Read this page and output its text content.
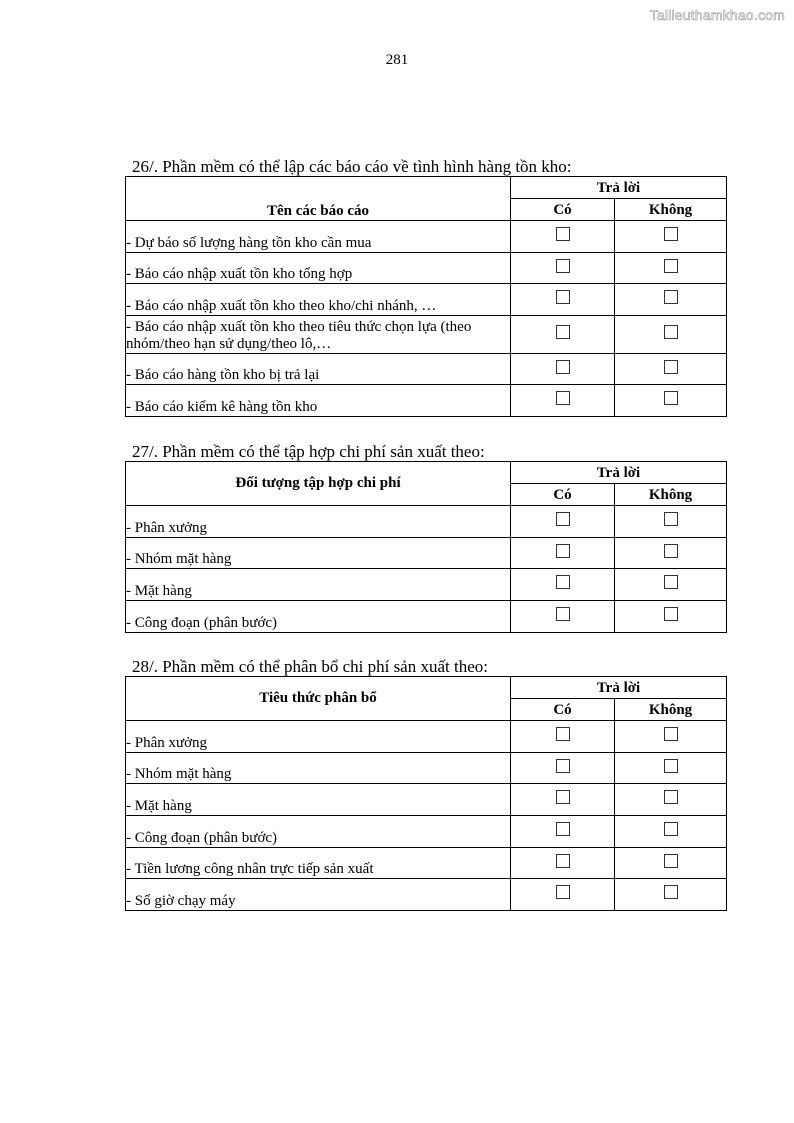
Tailieuthamkhao.com
281
26/. Phần mềm có thể lập các báo cáo về tình hình hàng tồn kho:
Tên các báo cáo	Trả lời	
	Có	Không
- Dự báo số lượng hàng tồn kho cần mua		
- Báo cáo nhập xuất tồn kho tổng hợp		
- Báo cáo nhập xuất tồn kho theo kho/chi nhánh, …		
- Báo cáo nhập xuất tồn kho theo tiêu thức chọn lựa (theo nhóm/theo hạn sử dụng/theo lô,…		
- Báo cáo hàng tồn kho bị trả lại		
- Báo cáo kiểm kê hàng tồn kho		
27/. Phần mềm có thể tập hợp chi phí sản xuất theo:
Đối tượng tập hợp chi phí	Trả lời	
	Có	Không
- Phân xưởng		
- Nhóm mặt hàng		
- Mặt hàng		
- Công đoạn (phân bước)		
28/. Phần mềm có thể phân bổ chi phí sản xuất theo:
Tiêu thức phân bổ	Trả lời	
	Có	Không
- Phân xưởng		
- Nhóm mặt hàng		
- Mặt hàng		
- Công đoạn (phân bước)		
- Tiền lương công nhân trực tiếp sản xuất		
- Số giờ chạy máy		
